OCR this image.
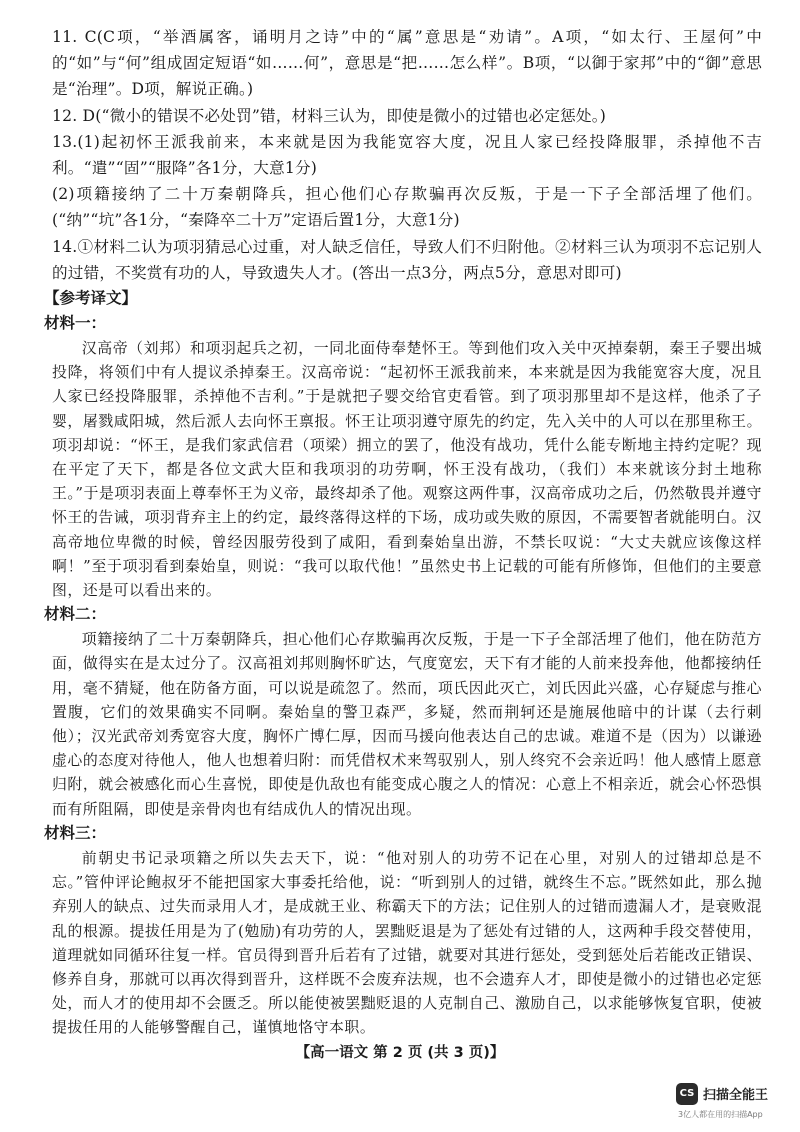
11. C(C项，“举酒属客，诵明月之诗”中的“属”意思是“劝请”。A项，“如太行、王屋何”中的“如”与“何”组成固定短语“如……何”，意思是“把……怎么样”。B项，“以御于家邦”中的“御”意思是“治理”。D项，解说正确。)

12. D(“微小的错误不必处罚”错，材料三认为，即使是微小的过错也必定惩处。)

13.(1)起初怀王派我前来，本来就是因为我能宽容大度，况且人家已经投降服罪，杀掉他不吉利。“遣”“固”“服降”各1分，大意1分)

(2)项籍接纳了二十万秦朝降兵，担心他们心存欺骗再次反叛，于是一下子全部活埋了他们。(“纳”“坑”各1分，“秦降卒二十万”定语后置1分，大意1分)

14.①材料二认为项羽猜忌心过重，对人缺乏信任，导致人们不归附他。②材料三认为项羽不忘记别人的过错，不奖赏有功的人，导致遗失人才。(答出一点3分，两点5分，意思对即可)

【参考译文】
材料一：

汉高帝（刘邦）和项羽起兵之初，一同北面侍奉楚怀王。等到他们攻入关中灭掉秦朝，秦王子婴出城投降，将领们中有人提议杀掉秦王。汉高帝说：“起初怀王派我前来，本来就是因为我能宽容大度，况且人家已经投降服罪，杀掉他不吉利。”于是就把子婴交给官吏看管。到了项羽那里却不是这样，他杀了子婴，屠戮咸阳城，然后派人去向怀王禀报。怀王让项羽遵守原先的约定，先入关中的人可以在那里称王。项羽却说：“怀王，是我们家武信君（项梁）拥立的罢了，他没有战功，凭什么能专断地主持约定呢？现在平定了天下，都是各位文武大臣和我项羽的功劳啊，怀王没有战功，（我们）本来就该分封土地称王。”于是项羽表面上尊奉怀王为义帝，最终却杀了他。观察这两件事，汉高帝成功之后，仍然敬畏并遵守怀王的告诫，项羽背弃主上的约定，最终落得这样的下场，成功或失败的原因，不需要智者就能明白。汉高帝地位卑微的时候，曾经因服劳役到了咸阳，看到秦始皇出游，不禁长叹说：“大丈夫就应该像这样啊！”至于项羽看到秦始皇，则说：“我可以取代他！”虽然史书上记载的可能有所修饰，但他们的主要意图，还是可以看出来的。

材料二：

项籍接纳了二十万秦朝降兵，担心他们心存欺骗再次反叛，于是一下子全部活埋了他们，他在防范方面，做得实在是太过分了。汉高祖刘邦则胸怀旷达，气度宽宏，天下有才能的人前来投奔他，他都接纳任用，毫不猜疑，他在防备方面，可以说是疏忽了。然而，项氏因此灭亡，刘氏因此兴盛，心存疑虑与推心置腹，它们的效果确实不同啊。秦始皇的警卫森严，多疑，然而荆轲还是施展他暗中的计谋（去行刺他）；汉光武帝刘秀宽容大度，胸怀广博仁厚，因而马援向他表达自己的忠诚。难道不是（因为）以谦逊虚心的态度对待他人，他人也想着归附：而凭借权术来驾驭别人，别人终究不会亲近吗！他人感情上愿意归附，就会被感化而心生喜悦，即使是仇敌也有能变成心腹之人的情况：心意上不相亲近，就会心怀恐惧而有所阻隔，即使是亲骨肉也有结成仇人的情况出现。

材料三：

前朝史书记录项籍之所以失去天下，说：“他对别人的功劳不记在心里，对别人的过错却总是不忘。”管仲评论鲍叔牙不能把国家大事委托给他，说：“听到别人的过错，就终生不忘。”既然如此，那么抛弃别人的缺点、过失而录用人才，是成就王业、称霸天下的方法；记住别人的过错而遗漏人才，是衰败混乱的根源。提拔任用是为了(勉励)有功劳的人，罢黜贬退是为了惩处有过错的人，这两种手段交替使用，道理就如同循环往复一样。官员得到晋升后若有了过错，就要对其进行惩处，受到惩处后若能改正错误、修养自身，那就可以再次得到晋升，这样既不会废弃法规，也不会遗弃人才，即使是微小的过错也必定惩处，而人才的使用却不会匮乏。所以能使被罢黜贬退的人克制自己、激励自己，以求能够恢复官职，使被提拔任用的人能够警醒自己，谨慎地恪守本职。

【高一语文 第 2 页 (共 3 页)】
CS 扫描全能王
3亿人都在用的扫描App
